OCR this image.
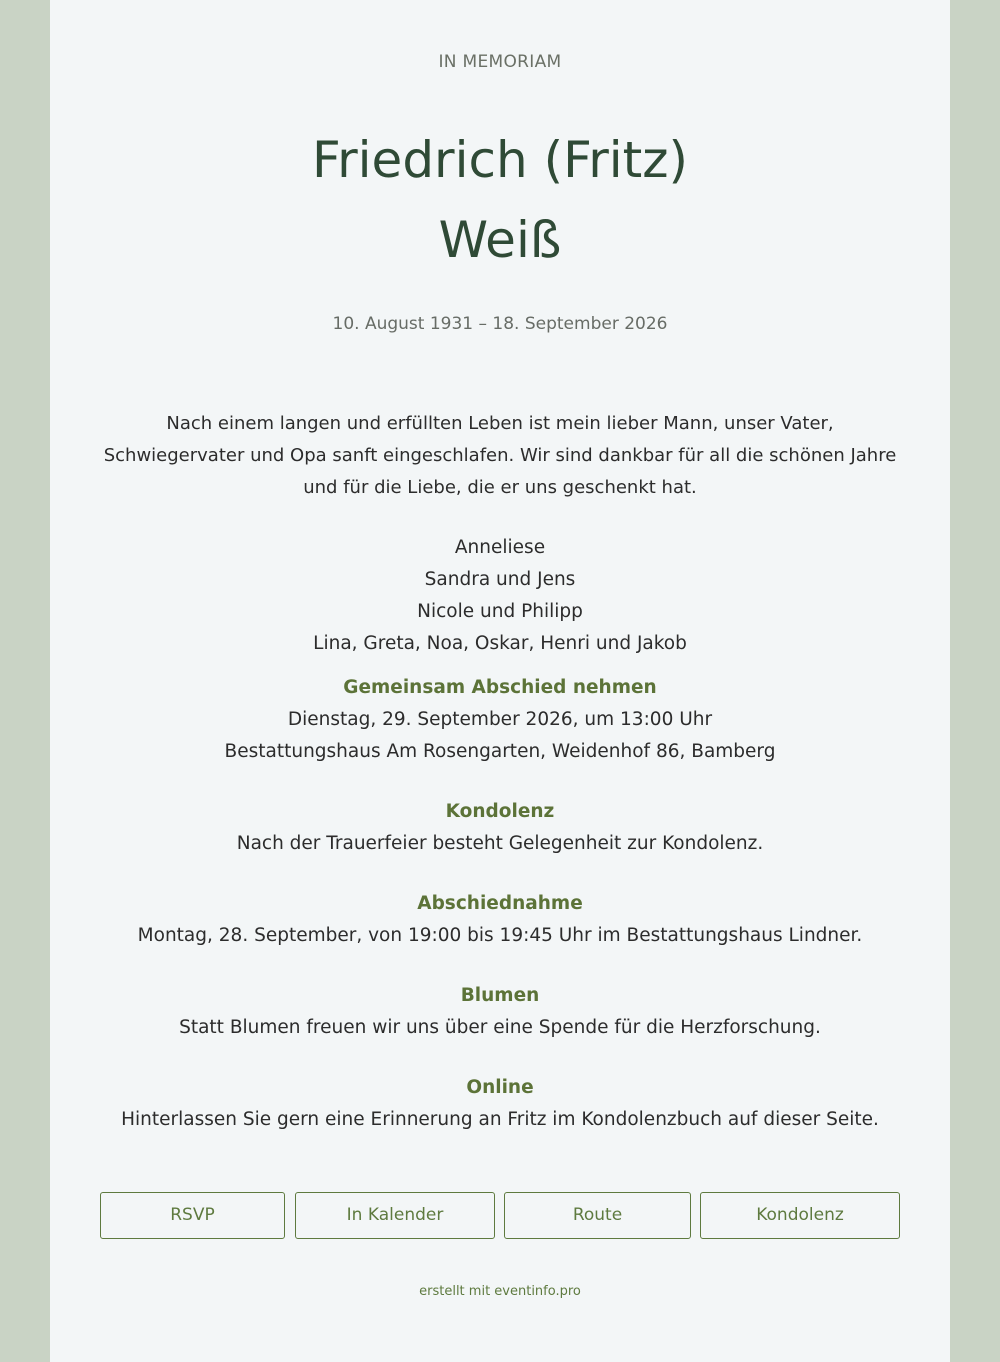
IN MEMORIAM
Friedrich (Fritz)
Weiß
10. August 1931 – 18. September 2026
Nach einem langen und erfüllten Leben ist mein lieber Mann, unser Vater, Schwiegervater und Opa sanft eingeschlafen. Wir sind dankbar für all die schönen Jahre und für die Liebe, die er uns geschenkt hat.
Anneliese
Sandra und Jens
Nicole und Philipp
Lina, Greta, Noa, Oskar, Henri und Jakob
Gemeinsam Abschied nehmen
Dienstag, 29. September 2026, um 13:00 Uhr
Bestattungshaus Am Rosengarten, Weidenhof 86, Bamberg
Kondolenz
Nach der Trauerfeier besteht Gelegenheit zur Kondolenz.
Abschiednahme
Montag, 28. September, von 19:00 bis 19:45 Uhr im Bestattungshaus Lindner.
Blumen
Statt Blumen freuen wir uns über eine Spende für die Herzforschung.
Online
Hinterlassen Sie gern eine Erinnerung an Fritz im Kondolenzbuch auf dieser Seite.
RSVP	In Kalender	Route	Kondolenz
erstellt mit eventinfo.pro
